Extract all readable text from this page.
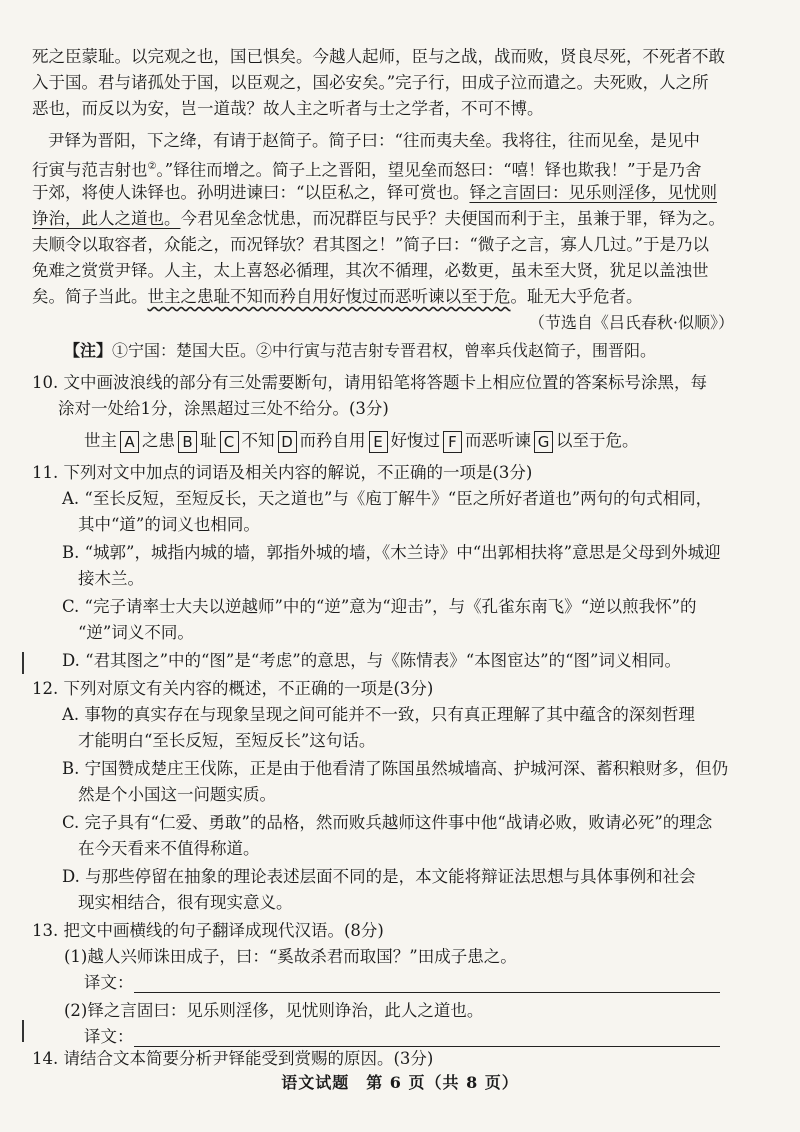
死之臣蒙耻。以完观之也，国已惧矣。今越人起师，臣与之战，战而败，贤良尽死，不死者不敢
入于国。君与诸孤处于国，以臣观之，国必安矣。”完子行，田成子泣而遣之。夫死败，人之所
恶也，而反以为安，岂一道哉？故人主之听者与士之学者，不可不博。
尹铎为晋阳，下之绛，有请于赵简子。简子曰：“往而夷夫垒。我将往，往而见垒，是见中
行寅与范吉射也②。”铎往而增之。简子上之晋阳，望见垒而怒曰：“嘻！铎也欺我！”于是乃舍
于郊，将使人诛铎也。孙明进谏曰：“以臣私之，铎可赏也。铎之言固曰：见乐则淫侈，见忧则
诤治，此人之道也。今君见垒念忧患，而况群臣与民乎？夫便国而利于主，虽兼于罪，铎为之。
夫顺令以取容者，众能之，而况铎欤？君其图之！”简子曰：“微子之言，寡人几过。”于是乃以
免难之赏赏尹铎。人主，太上喜怒必循理，其次不循理，必数更，虽未至大贤，犹足以盖浊世
矣。简子当此。世主之患耻不知而矜自用好愎过而恶听谏以至于危。耻无大乎危者。
（节选自《吕氏春秋·似顺》）
【注】①宁国：楚国大臣。②中行寅与范吉射专晋君权，曾率兵伐赵简子，围晋阳。
10. 文中画波浪线的部分有三处需要断句，请用铅笔将答题卡上相应位置的答案标号涂黑，每
涂对一处给1分，涂黑超过三处不给分。(3分)
世主 A 之患 B 耻 C 不知 D 而矜自用 E 好愎过 F 而恶听谏 G 以至于危。
11. 下列对文中加点的词语及相关内容的解说，不正确的一项是(3分)
A. “至长反短，至短反长，天之道也”与《庖丁解牛》“臣之所好者道也”两句的句式相同，
其中“道”的词义也相同。
B. “城郭”，城指内城的墙，郭指外城的墙，《木兰诗》中“出郭相扶将”意思是父母到外城迎
接木兰。
C. “完子请率士大夫以逆越师”中的“逆”意为“迎击”，与《孔雀东南飞》“逆以煎我怀”的
“逆”词义不同。
D. “君其图之”中的“图”是“考虑”的意思，与《陈情表》“本图宦达”的“图”词义相同。
12. 下列对原文有关内容的概述，不正确的一项是(3分)
A. 事物的真实存在与现象呈现之间可能并不一致，只有真正理解了其中蕴含的深刻哲理
才能明白“至长反短，至短反长”这句话。
B. 宁国赞成楚庄王伐陈，正是由于他看清了陈国虽然城墙高、护城河深、蓄积粮财多，但仍
然是个小国这一问题实质。
C. 完子具有“仁爱、勇敢”的品格，然而败兵越师这件事中他“战请必败，败请必死”的理念
在今天看来不值得称道。
D. 与那些停留在抽象的理论表述层面不同的是，本文能将辩证法思想与具体事例和社会
现实相结合，很有现实意义。
13. 把文中画横线的句子翻译成现代汉语。(8分)
(1)越人兴师诛田成子，曰：“奚故杀君而取国？”田成子患之。
译文：
(2)铎之言固曰：见乐则淫侈，见忧则诤治，此人之道也。
译文：
语文试题　第 6 页（共 8 页）
14. 请结合文本简要分析尹铎能受到赏赐的原因。(3分)
